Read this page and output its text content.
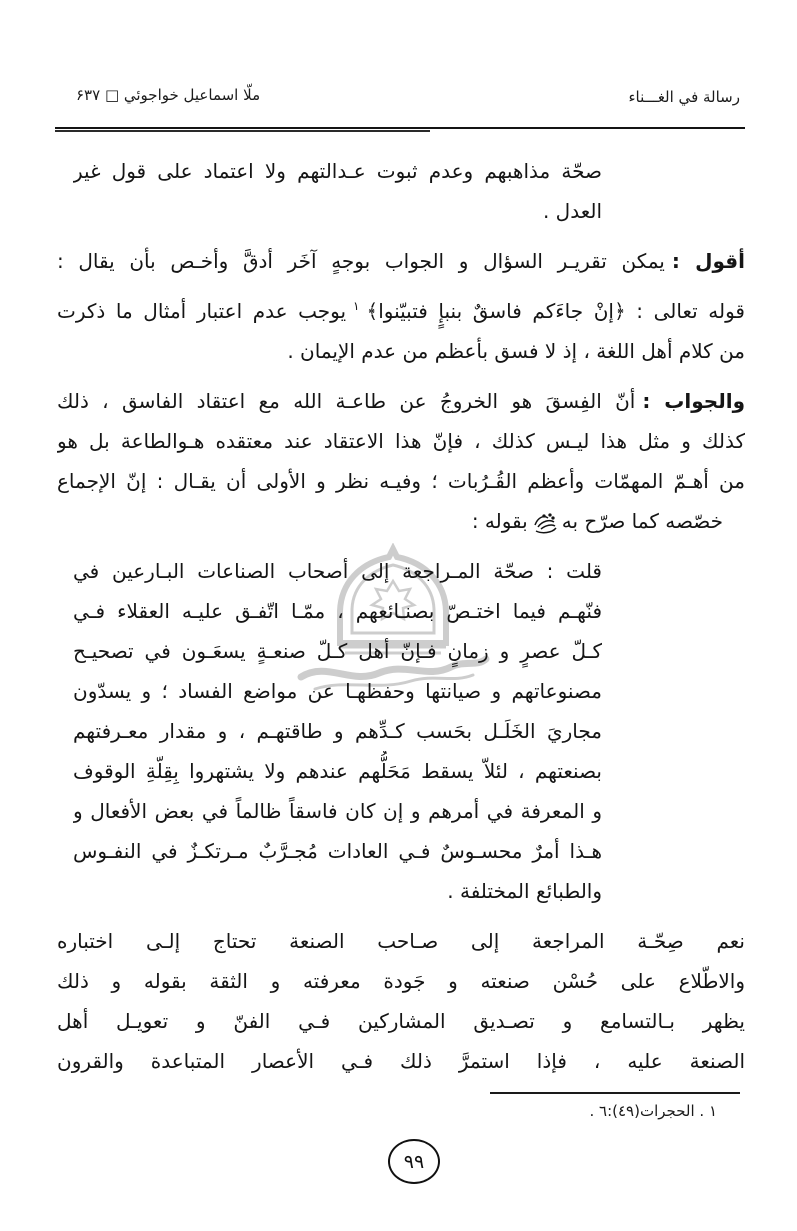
رسالة في الغـــناء
ملّا اسماعيل خواجوئي □ ۶۳۷
صحّة مذاهبهم وعدم ثبوت عـدالتهم ولا اعتماد على قول غير
العدل .
أقول :يمكن تقريـر السؤال و الجواب بوجهٍ آخَر أدقَّ وأخـص بأن يقال :
قوله تعالى : ﴿إنْ جاءَكم فاسقٌ بنبإٍ فتبيّنوا﴾$^١$يوجب عدم اعتبار أمثال ما ذكرت
من كلام أهل اللغة ، إذ لا فسق بأعظم من عدم الإيمان .
والجواب :أنّ الفِسقَ هو الخروجُ عن طاعـة الله مع اعتقاد الفاسق ، ذلك
كذلك و مثل هذا ليـس كذلك ، فإنّ هذا الاعتقاد عند معتقده هـوالطاعة بل هو
من أهـمّ المهمّات وأعظم القُـرُبات ؛ وفيـه نظر و الأولى أن يقـال : إنّ الإجماع
خصّصه كما صرّح بهبقوله :
قلت : صحّة المـراجعة إلى أصحاب الصناعات البـارعين في
فنّهـم فيما اختـصّ بصنـائعهم ، ممّـا اتّفـق عليـه العقلاء فـي
كـلّ عصرٍ و زمانٍ فـإنّ أهل كـلّ صنعـةٍ يسعَـون في تصحيـح
مصنوعاتهم و صيانتها وحفظهـا عن مواضع الفساد ؛ و يسدّون
مجاريَ الخَلَـل بحَسب كـدِّهم و طاقتهـم ، و مقدار معـرفتهم
بصنعتهم ، لئلاّ يسقط مَحَلُّهم عندهم ولا يشتهروا بِقِلّةِ الوقوف
و المعرفة في أمرهم و إن كان فاسقاً ظالماً في بعض الأفعال و
هـذا أمرٌ محسـوسٌ فـي العادات مُجـرَّبٌ مـرتكـزٌ في النفـوس
والطبائع المختلفة .
نعم صِحّـة المراجعة إلى صـاحب الصنعة تحتاج إلـى اختباره
والاطّلاع على حُسْن صنعته و جَودة معرفته و الثقة بقوله و ذلك
يظهر بـالتسامع و تصـديق المشاركين فـي الفنّ و تعويـل أهل
الصنعة عليه ، فإذا استمرَّ ذلك فـي الأعصار المتباعدة والقرون
١ . الحجرات(٤٩):٦ .
٩٩
